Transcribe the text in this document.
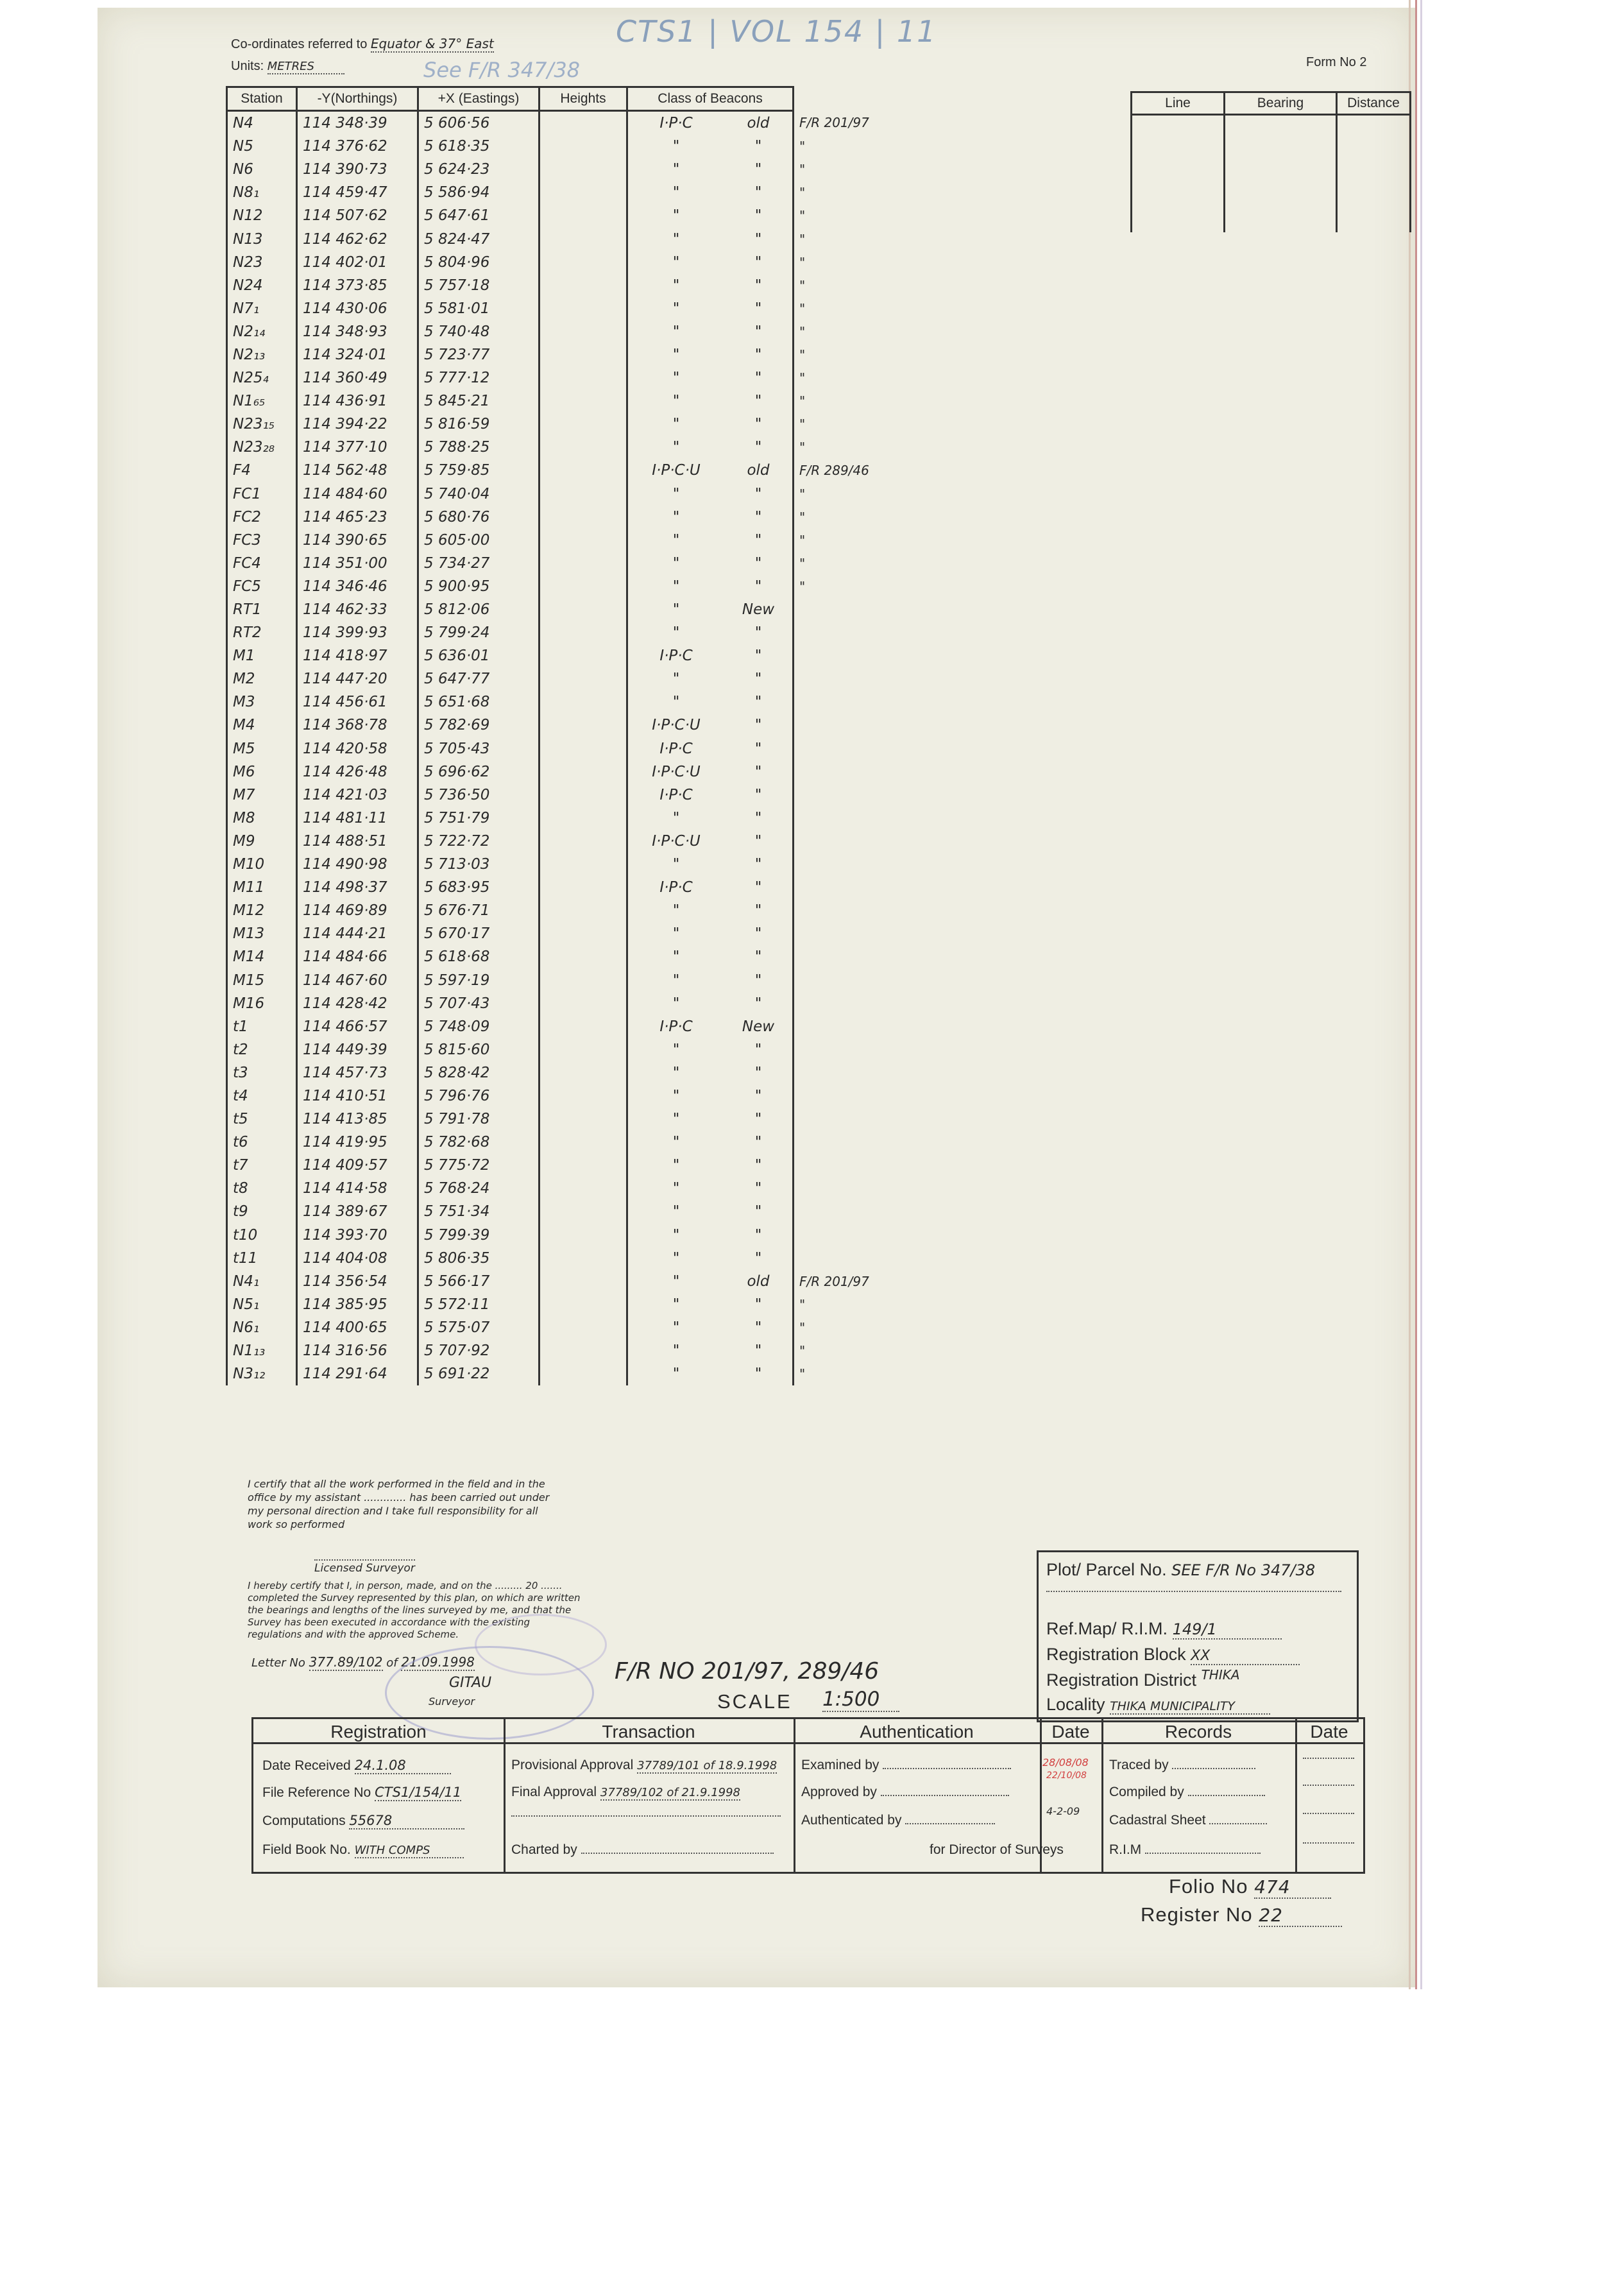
Co-ordinates referred to Equator & 37° East
Units: METRES
CTS1 | VOL 154 | 11
See F/R 347/38	Form No 2
Station	-Y(Northings)	+X (Eastings)	Heights	Class of Beacons		
N4	114 348·39	5 606·56		I·P·C	old	F/R 201/97
N5	114 376·62	5 618·35		"	"	"
N6	114 390·73	5 624·23		"	"	"
N8₁	114 459·47	5 586·94		"	"	"
N12	114 507·62	5 647·61		"	"	"
N13	114 462·62	5 824·47		"	"	"
N23	114 402·01	5 804·96		"	"	"
N24	114 373·85	5 757·18		"	"	"
N7₁	114 430·06	5 581·01		"	"	"
N2₁₄	114 348·93	5 740·48		"	"	"
N2₁₃	114 324·01	5 723·77		"	"	"
N25₄	114 360·49	5 777·12		"	"	"
N1₆₅	114 436·91	5 845·21		"	"	"
N23₁₅	114 394·22	5 816·59		"	"	"
N23₂₈	114 377·10	5 788·25		"	"	"
F4	114 562·48	5 759·85		I·P·C·U	old	F/R 289/46
FC1	114 484·60	5 740·04		"	"	"
FC2	114 465·23	5 680·76		"	"	"
FC3	114 390·65	5 605·00		"	"	"
FC4	114 351·00	5 734·27		"	"	"
FC5	114 346·46	5 900·95		"	"	"
RT1	114 462·33	5 812·06		"	New	
RT2	114 399·93	5 799·24		"	"	
M1	114 418·97	5 636·01		I·P·C	"	
M2	114 447·20	5 647·77		"	"	
M3	114 456·61	5 651·68		"	"	
M4	114 368·78	5 782·69		I·P·C·U	"	
M5	114 420·58	5 705·43		I·P·C	"	
M6	114 426·48	5 696·62		I·P·C·U	"	
M7	114 421·03	5 736·50		I·P·C	"	
M8	114 481·11	5 751·79		"	"	
M9	114 488·51	5 722·72		I·P·C·U	"	
M10	114 490·98	5 713·03		"	"	
M11	114 498·37	5 683·95		I·P·C	"	
M12	114 469·89	5 676·71		"	"	
M13	114 444·21	5 670·17		"	"	
M14	114 484·66	5 618·68		"	"	
M15	114 467·60	5 597·19		"	"	
M16	114 428·42	5 707·43		"	"	
t1	114 466·57	5 748·09		I·P·C	New	
t2	114 449·39	5 815·60		"	"	
t3	114 457·73	5 828·42		"	"	
t4	114 410·51	5 796·76		"	"	
t5	114 413·85	5 791·78		"	"	
t6	114 419·95	5 782·68		"	"	
t7	114 409·57	5 775·72		"	"	
t8	114 414·58	5 768·24		"	"	
t9	114 389·67	5 751·34		"	"	
t10	114 393·70	5 799·39		"	"	
t11	114 404·08	5 806·35		"	"	
N4₁	114 356·54	5 566·17		"	old	F/R 201/97
N5₁	114 385·95	5 572·11		"	"	"
N6₁	114 400·65	5 575·07		"	"	"
N1₁₃	114 316·56	5 707·92		"	"	"
N3₁₂	114 291·64	5 691·22		"	"	"
Line	Bearing	Distance

I certify that all the work performed in the field and in the office by my assistant ............. has been carried out under my personal direction and I take full responsibility for all work so performed
Licensed Surveyor
I hereby certify that I, in person, made, and on the ......... 20 ....... completed the Survey represented by this plan, on which are written the bearings and lengths of the lines surveyed by me, and that the Survey has been executed in accordance with the existing regulations and with the approved Scheme.
Letter No 377.89/102 of 21.09.1998
GITAU
Surveyor
F/R NO 201/97, 289/46
SCALE 1:500
Plot/ Parcel No. SEE F/R No 347/38
Ref.Map/ R.I.M. 149/1
Registration Block XX
Registration District $^{THIKA}$
Locality THIKA MUNICIPALITY
Registration	Transaction	Authentication	Date	Records	Date
Date Received 24.1.08
File Reference No CTS1/154/11
Computations 55678
Field Book No. WITH COMPS
Provisional Approval 37789/101 of 18.9.1998
Final Approval 37789/102 of 21.9.1998
Charted by
Examined by
Approved by
Authenticated by
for Director of Surveys
28/08/08
22/10/08
4-2-09
Traced by
Compiled by
Cadastral Sheet
R.I.M
Folio No 474
Register No 22
